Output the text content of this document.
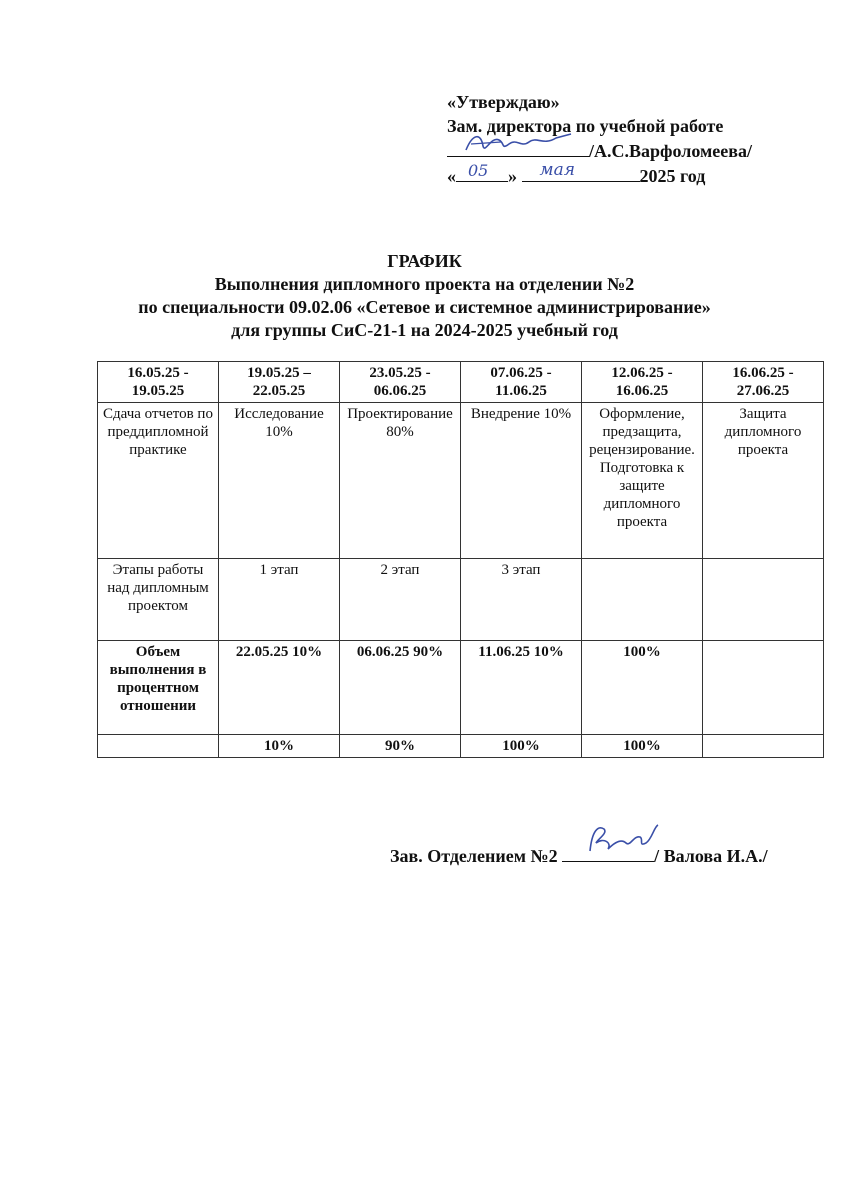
«Утверждаю»
Зам. директора по учебной работе
/А.С.Варфоломеева/
« 05 » мая	2025 год
ГРАФИК
Выполнения дипломного проекта на отделении №2
по специальности 09.02.06 «Сетевое и системное администрирование»
для группы СиС-21-1 на 2024-2025 учебный год
16.05.25 - 19.05.25	19.05.25 – 22.05.25	23.05.25 - 06.06.25	07.06.25 - 11.06.25	12.06.25 - 16.06.25	16.06.25 - 27.06.25
Сдача отчетов по преддипломной практике	Исследование 10%	Проектирование 80%	Внедрение 10%	Оформление, предзащита, рецензирование. Подготовка к защите дипломного проекта	Защита дипломного проекта
Этапы работы над дипломным проектом	1 этап	2 этап	3 этап		
Объем выполнения в процентном отношении	22.05.25 10%	06.06.25 90%	11.06.25 10%	100%	
	10%	90%	100%	100%	
Зав. Отделением №2	/ Валова И.А./
